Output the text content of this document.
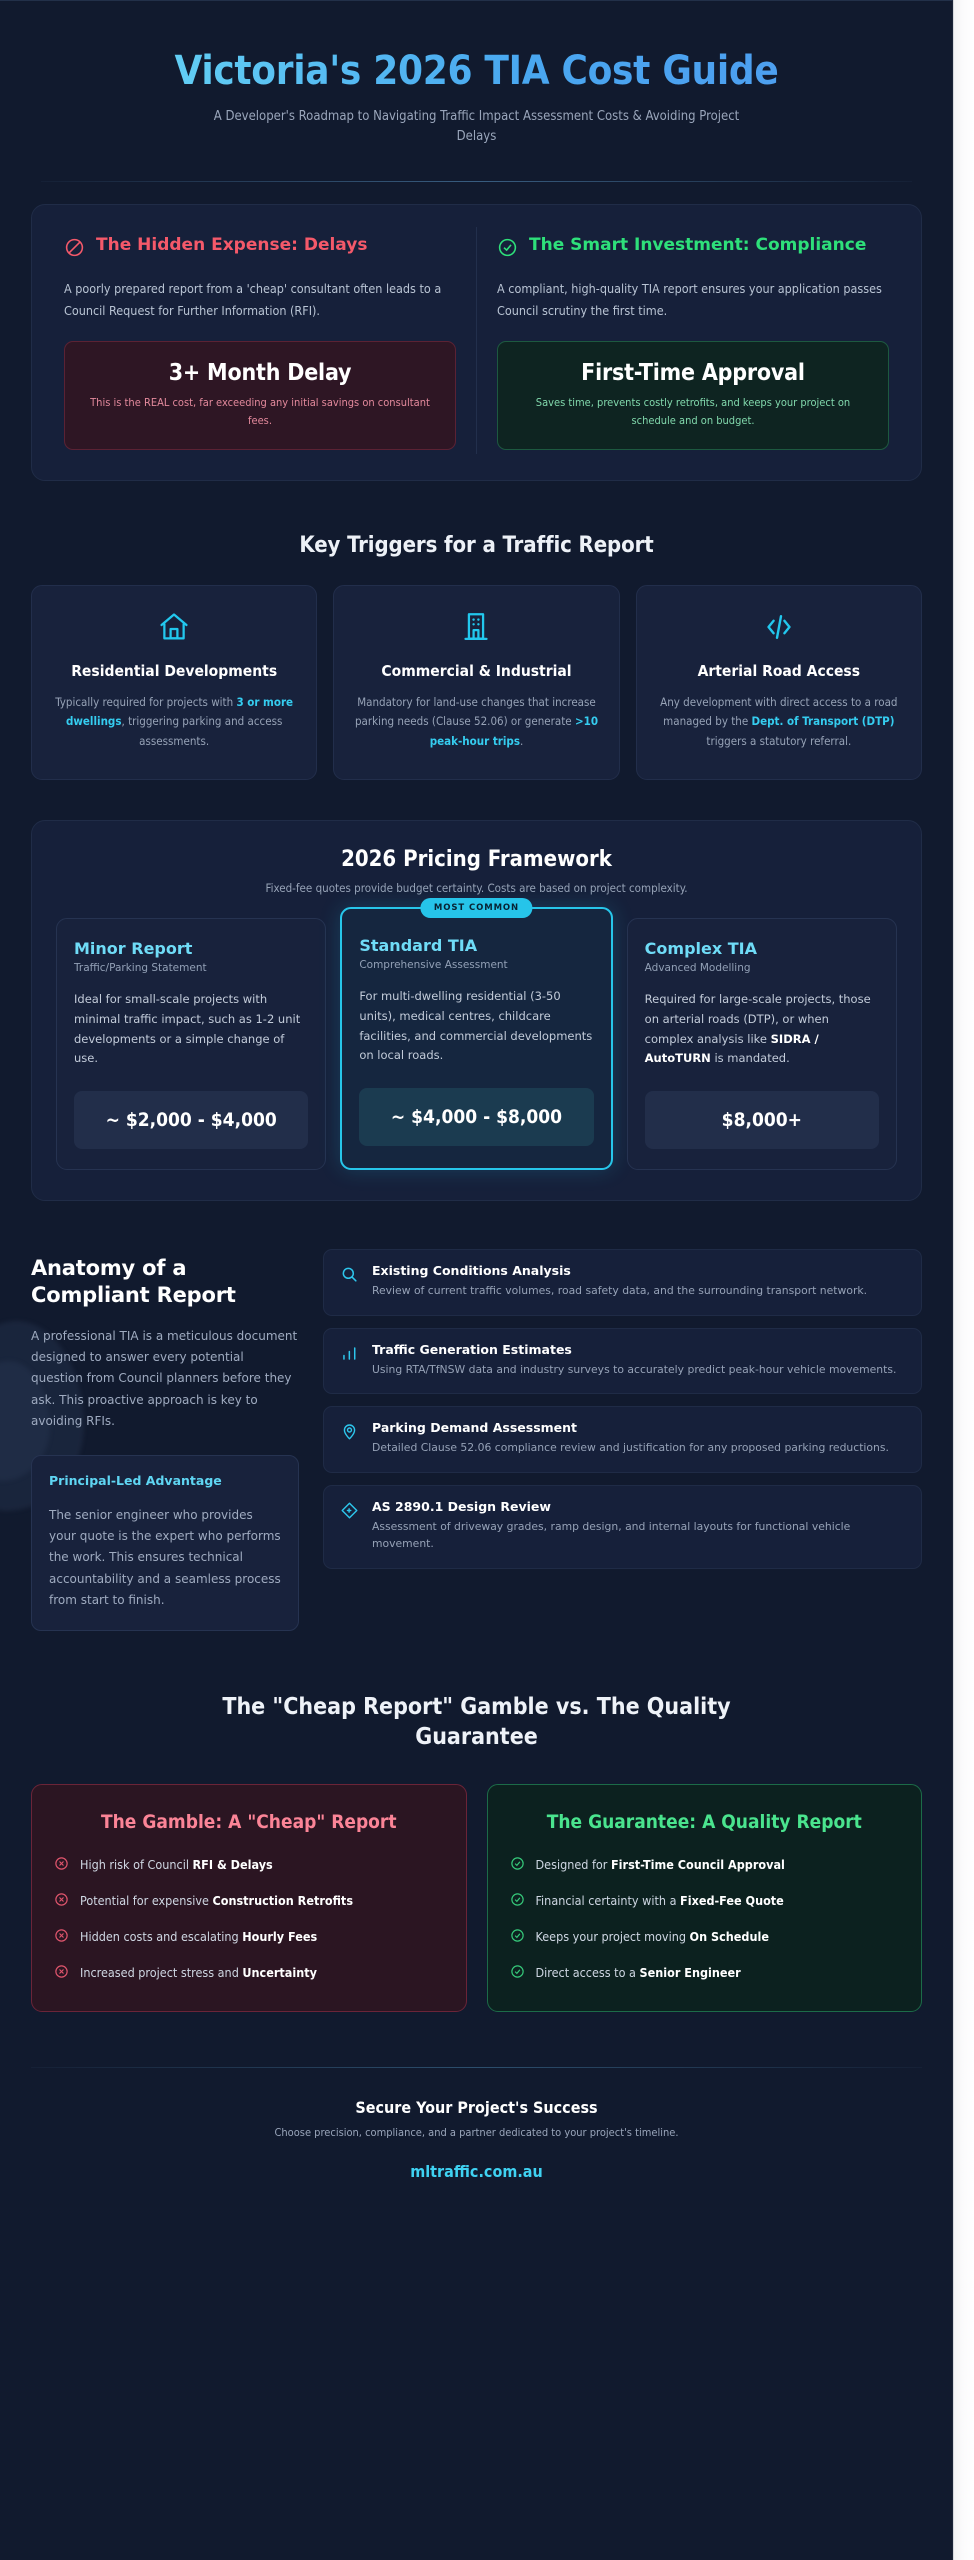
Victoria's 2026 TIA Cost Guide

A Developer's Roadmap to Navigating Traffic Impact Assessment Costs & Avoiding Project Delays

The Hidden Expense: Delays

A poorly prepared report from a 'cheap' consultant often leads to a Council Request for Further Information (RFI).

3+ Month Delay
This is the REAL cost, far exceeding any initial savings on consultant fees.
The Smart Investment: Compliance

A compliant, high-quality TIA report ensures your application passes Council scrutiny the first time.

First-Time Approval
Saves time, prevents costly retrofits, and keeps your project on schedule and on budget.
Key Triggers for a Traffic Report
Residential Developments

Typically required for projects with 3 or more dwellings, triggering parking and access assessments.

Commercial & Industrial

Mandatory for land-use changes that increase parking needs (Clause 52.06) or generate >10 peak-hour trips.

Arterial Road Access

Any development with direct access to a road managed by the Dept. of Transport (DTP) triggers a statutory referral.

2026 Pricing Framework
Fixed-fee quotes provide budget certainty. Costs are based on project complexity.
Minor Report
Traffic/Parking Statement

Ideal for small-scale projects with minimal traffic impact, such as 1-2 unit developments or a simple change of use.

~ $2,000 - $4,000
MOST COMMON
Standard TIA
Comprehensive Assessment

For multi-dwelling residential (3-50 units), medical centres, childcare facilities, and commercial developments on local roads.

~ $4,000 - $8,000
Complex TIA
Advanced Modelling

Required for large-scale projects, those on arterial roads (DTP), or when complex analysis like SIDRA / AutoTURN is mandated.

$8,000+
Anatomy of a Compliant Report

A professional TIA is a meticulous document designed to answer every potential question from Council planners before they ask. This proactive approach is key to avoiding RFIs.

Principal-Led Advantage

The senior engineer who provides your quote is the expert who performs the work. This ensures technical accountability and a seamless process from start to finish.

Existing Conditions Analysis

Review of current traffic volumes, road safety data, and the surrounding transport network.

Traffic Generation Estimates

Using RTA/TfNSW data and industry surveys to accurately predict peak-hour vehicle movements.

Parking Demand Assessment

Detailed Clause 52.06 compliance review and justification for any proposed parking reductions.

AS 2890.1 Design Review

Assessment of driveway grades, ramp design, and internal layouts for functional vehicle movement.

The "Cheap Report" Gamble vs. The Quality Guarantee
The Gamble: A "Cheap" Report
High risk of Council RFI & Delays
Potential for expensive Construction Retrofits
Hidden costs and escalating Hourly Fees
Increased project stress and Uncertainty
The Guarantee: A Quality Report
Designed for First-Time Council Approval
Financial certainty with a Fixed-Fee Quote
Keeps your project moving On Schedule
Direct access to a Senior Engineer
Secure Your Project's Success

Choose precision, compliance, and a partner dedicated to your project's timeline.

mltraffic.com.au
